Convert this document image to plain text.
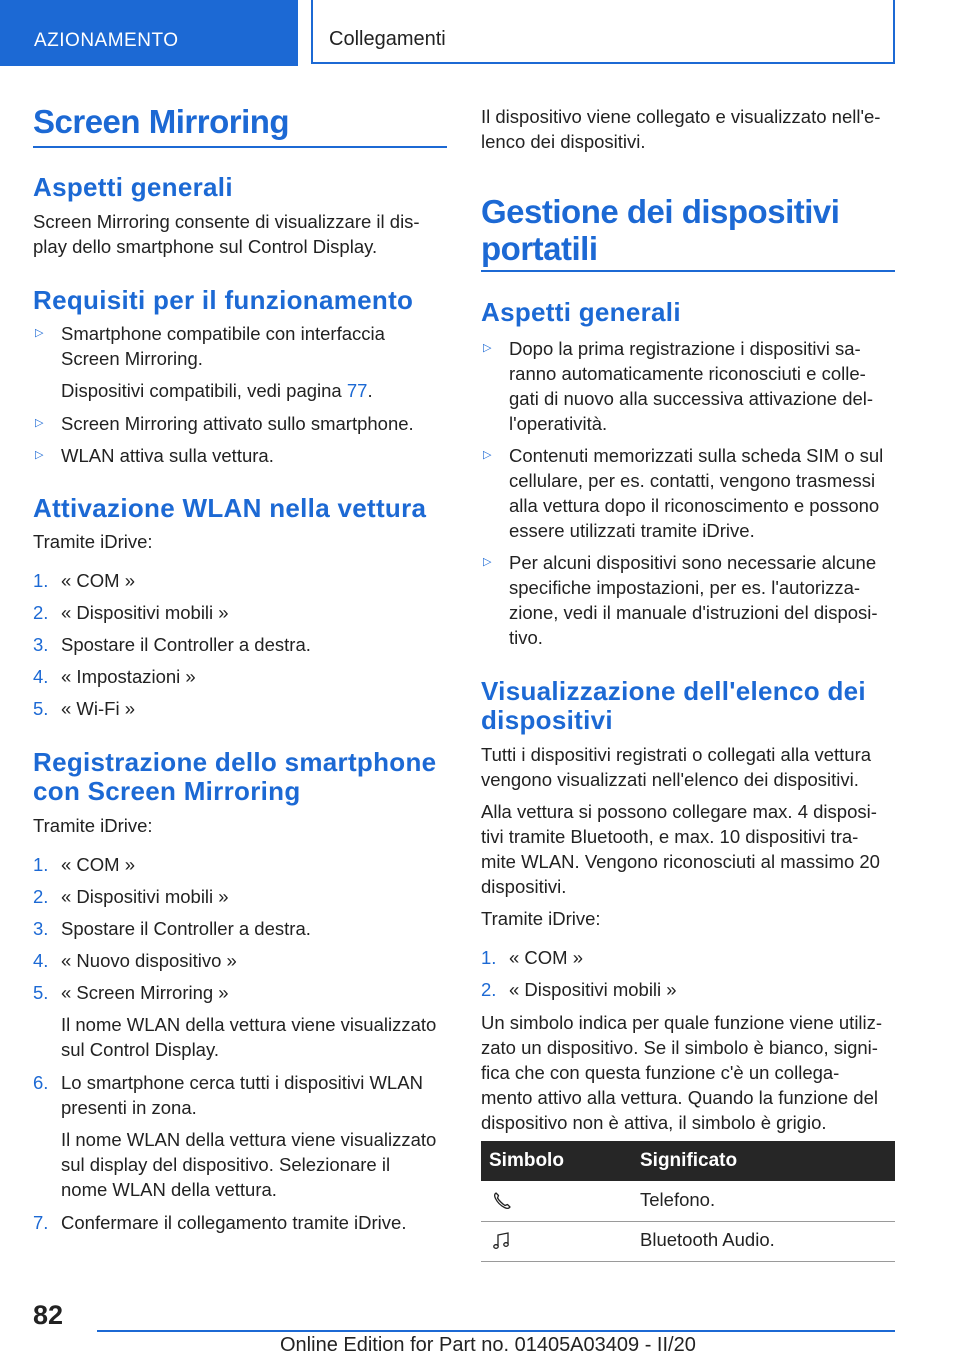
AZIONAMENTO	Collegamenti
Screen Mirroring
Aspetti generali
Screen Mirroring consente di visualizzare il dis‐
play dello smartphone sul Control Display.
Requisiti per il funzionamento
▷ Smartphone compatibile con interfaccia
Screen Mirroring.
Dispositivi compatibili, vedi pagina 77.
▷ Screen Mirroring attivato sullo smartphone.
▷ WLAN attiva sulla vettura.
Attivazione WLAN nella vettura
Tramite iDrive:
1. « COM »
2. « Dispositivi mobili »
3. Spostare il Controller a destra.
4. « Impostazioni »
5. « Wi-Fi »
Registrazione dello smartphone
con Screen Mirroring
Tramite iDrive:
1. « COM »
2. « Dispositivi mobili »
3. Spostare il Controller a destra.
4. « Nuovo dispositivo »
5. « Screen Mirroring »
Il nome WLAN della vettura viene visualizzato
sul Control Display.
6. Lo smartphone cerca tutti i dispositivi WLAN
presenti in zona.
Il nome WLAN della vettura viene visualizzato
sul display del dispositivo. Selezionare il
nome WLAN della vettura.
7. Confermare il collegamento tramite iDrive.
Il dispositivo viene collegato e visualizzato nell'e‐
lenco dei dispositivi.
Gestione dei dispositivi
portatili
Aspetti generali
▷ Dopo la prima registrazione i dispositivi sa‐
ranno automaticamente riconosciuti e colle‐
gati di nuovo alla successiva attivazione del‐
l'operatività.
▷ Contenuti memorizzati sulla scheda SIM o sul
cellulare, per es. contatti, vengono trasmessi
alla vettura dopo il riconoscimento e possono
essere utilizzati tramite iDrive.
▷ Per alcuni dispositivi sono necessarie alcune
specifiche impostazioni, per es. l'autorizza‐
zione, vedi il manuale d'istruzioni del disposi‐
tivo.
Visualizzazione dell'elenco dei
dispositivi
Tutti i dispositivi registrati o collegati alla vettura
vengono visualizzati nell'elenco dei dispositivi.
Alla vettura si possono collegare max. 4 disposi‐
tivi tramite Bluetooth, e max. 10 dispositivi tra‐
mite WLAN. Vengono riconosciuti al massimo 20
dispositivi.
Tramite iDrive:
1. « COM »
2. « Dispositivi mobili »
Un simbolo indica per quale funzione viene utiliz‐
zato un dispositivo. Se il simbolo è bianco, signi‐
fica che con questa funzione c'è un collega‐
mento attivo alla vettura. Quando la funzione del
dispositivo non è attiva, il simbolo è grigio.
Simbolo	Significato
Telefono.
Bluetooth Audio.
82
Online Edition for Part no. 01405A03409 - II/20
